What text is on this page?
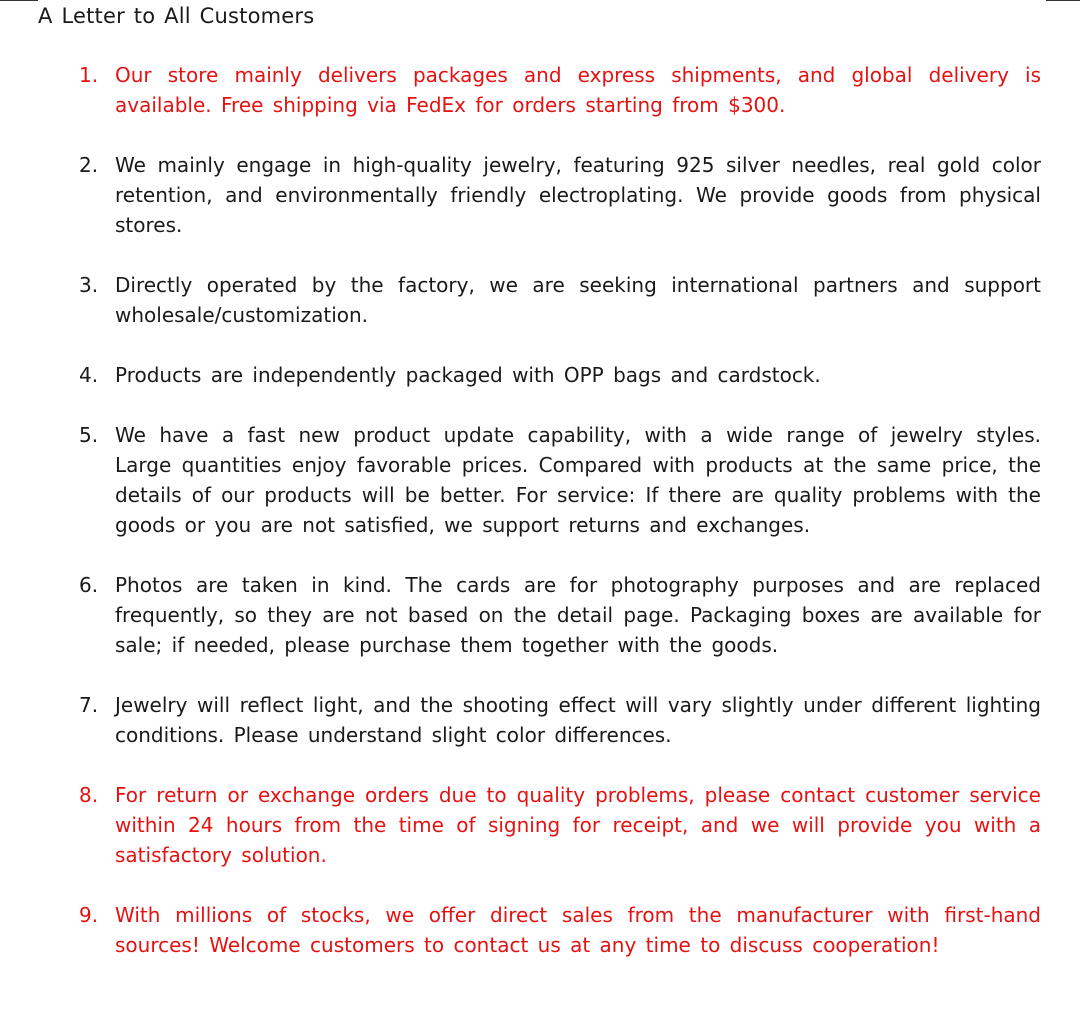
A Letter to All Customers
1. Our store mainly delivers packages and express shipments, and global delivery is available. Free shipping via FedEx for orders starting from $300.
2. We mainly engage in high-quality jewelry, featuring 925 silver needles, real gold color retention, and environmentally friendly electroplating. We provide goods from physical stores.
3. Directly operated by the factory, we are seeking international partners and support wholesale/customization.
4. Products are independently packaged with OPP bags and cardstock.
5. We have a fast new product update capability, with a wide range of jewelry styles. Large quantities enjoy favorable prices. Compared with products at the same price, the details of our products will be better. For service: If there are quality problems with the goods or you are not satisfied, we support returns and exchanges.
6. Photos are taken in kind. The cards are for photography purposes and are replaced frequently, so they are not based on the detail page. Packaging boxes are available for sale; if needed, please purchase them together with the goods.
7. Jewelry will reflect light, and the shooting effect will vary slightly under different lighting conditions. Please understand slight color differences.
8. For return or exchange orders due to quality problems, please contact customer service within 24 hours from the time of signing for receipt, and we will provide you with a satisfactory solution.
9. With millions of stocks, we offer direct sales from the manufacturer with first-hand sources! Welcome customers to contact us at any time to discuss cooperation!
